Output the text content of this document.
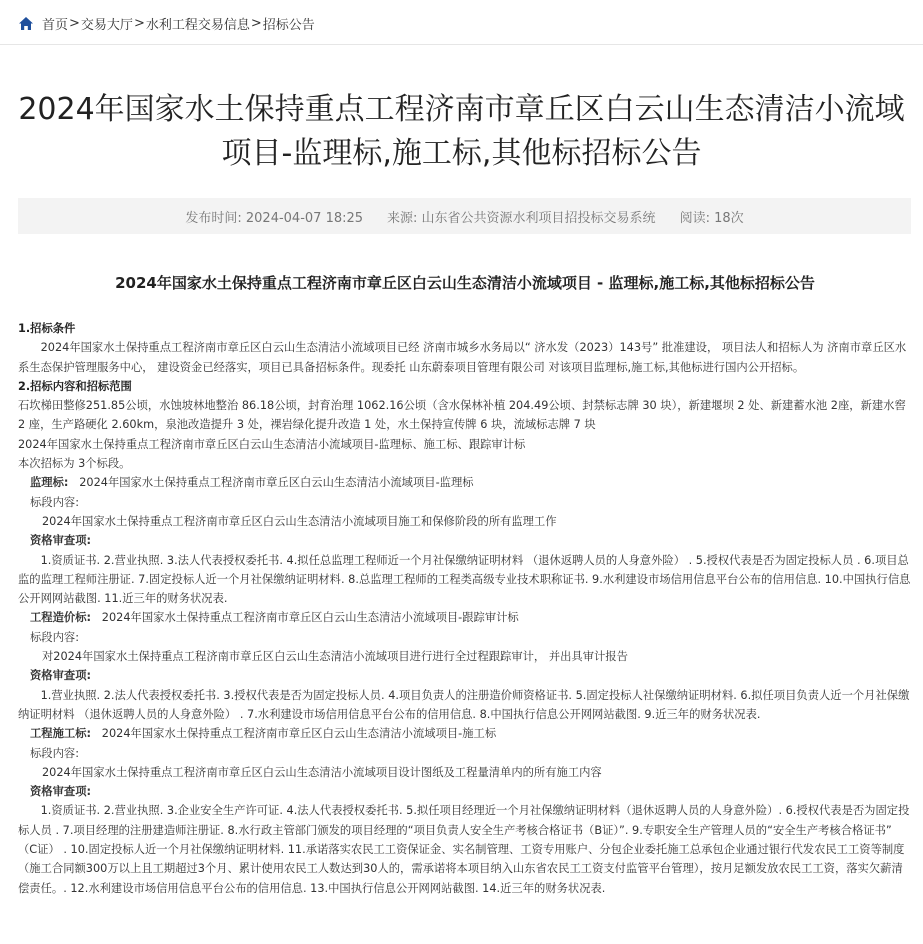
首页 > 交易大厅 > 水利工程交易信息 > 招标公告
2024年国家水土保持重点工程济南市章丘区白云山生态清洁小流域项目-监理标,施工标,其他标招标公告
发布时间: 2024-04-07 18:25 来源: 山东省公共资源水利项目招投标交易系统 阅读: 18次
2024年国家水土保持重点工程济南市章丘区白云山生态清洁小流域项目 - 监理标,施工标,其他标招标公告

1.招标条件

2024年国家水土保持重点工程济南市章丘区白云山生态清洁小流域项目已经 济南市城乡水务局以“ 济水发（2023）143号” 批准建设， 项目法人和招标人为 济南市章丘区水系生态保护管理服务中心， 建设资金已经落实，项目已具备招标条件。现委托 山东蔚泰项目管理有限公司 对该项目监理标,施工标,其他标进行国内公开招标。

2.招标内容和招标范围

石坎梯田整修251.85公顷，水蚀坡林地整治 86.18公顷，封育治理 1062.16公顷（含水保林补植 204.49公顷、封禁标志牌 30 块），新建堰坝 2 处、新建蓄水池 2座，新建水窖 2 座，生产路硬化 2.60km，泉池改造提升 3 处，裸岩绿化提升改造 1 处，水土保持宣传牌 6 块，流域标志牌 7 块

2024年国家水土保持重点工程济南市章丘区白云山生态清洁小流域项目-监理标、施工标、跟踪审计标

本次招标为 3个标段。

监理标: 2024年国家水土保持重点工程济南市章丘区白云山生态清洁小流域项目-监理标

标段内容:

2024年国家水土保持重点工程济南市章丘区白云山生态清洁小流域项目施工和保修阶段的所有监理工作

资格审查项:

1.资质证书. 2.营业执照. 3.法人代表授权委托书. 4.拟任总监理工程师近一个月社保缴纳证明材料 （退休返聘人员的人身意外险） . 5.授权代表是否为固定投标人员 . 6.项目总监的监理工程师注册证. 7.固定投标人近一个月社保缴纳证明材料. 8.总监理工程师的工程类高级专业技术职称证书. 9.水利建设市场信用信息平台公布的信用信息. 10.中国执行信息公开网网站截图. 11.近三年的财务状况表.

工程造价标: 2024年国家水土保持重点工程济南市章丘区白云山生态清洁小流域项目-跟踪审计标

标段内容:

对2024年国家水土保持重点工程济南市章丘区白云山生态清洁小流域项目进行进行全过程跟踪审计， 并出具审计报告

资格审查项:

1.营业执照. 2.法人代表授权委托书. 3.授权代表是否为固定投标人员. 4.项目负责人的注册造价师资格证书. 5.固定投标人社保缴纳证明材料. 6.拟任项目负责人近一个月社保缴纳证明材料 （退休返聘人员的人身意外险） . 7.水利建设市场信用信息平台公布的信用信息. 8.中国执行信息公开网网站截图. 9.近三年的财务状况表.

工程施工标: 2024年国家水土保持重点工程济南市章丘区白云山生态清洁小流域项目-施工标

标段内容:

2024年国家水土保持重点工程济南市章丘区白云山生态清洁小流域项目设计图纸及工程量清单内的所有施工内容

资格审查项:

1.资质证书. 2.营业执照. 3.企业安全生产许可证. 4.法人代表授权委托书. 5.拟任项目经理近一个月社保缴纳证明材料（退休返聘人员的人身意外险）. 6.授权代表是否为固定投标人员 . 7.项目经理的注册建造师注册证. 8.水行政主管部门颁发的项目经理的“项目负责人安全生产考核合格证书（B证）”. 9.专职安全生产管理人员的“安全生产考核合格证书” （C证） . 10.固定投标人近一个月社保缴纳证明材料. 11.承诺落实农民工工资保证金、实名制管理、工资专用账户、分包企业委托施工总承包企业通过银行代发农民工工资等制度（施工合同额300万以上且工期超过3个月、累计使用农民工人数达到30人的，需承诺将本项目纳入山东省农民工工资支付监管平台管理），按月足额发放农民工工资，落实欠薪清偿责任。. 12.水利建设市场信用信息平台公布的信用信息. 13.中国执行信息公开网网站截图. 14.近三年的财务状况表.
